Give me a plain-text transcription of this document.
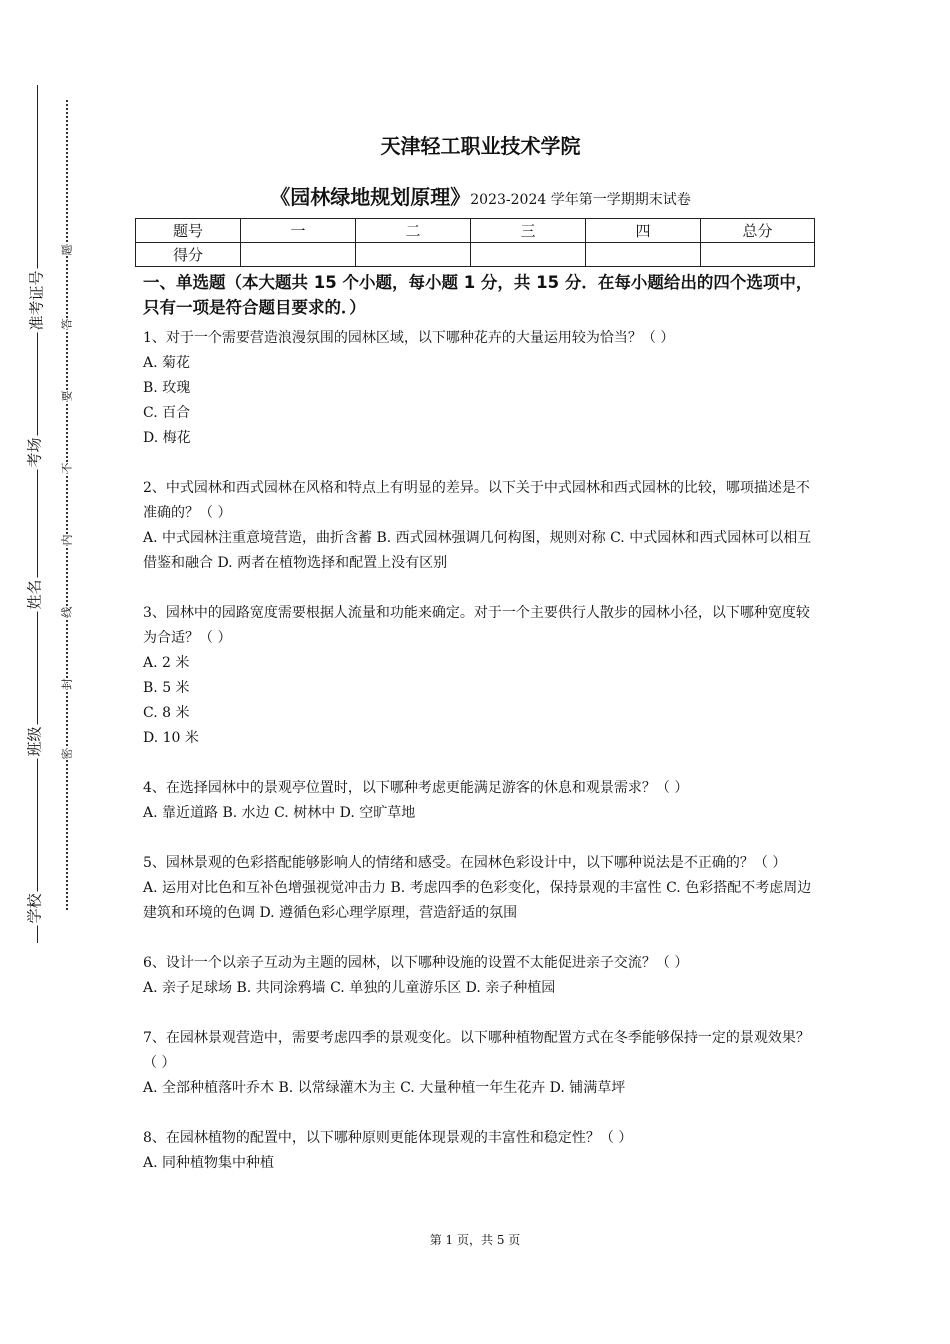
准考证号
考场
姓名
班级
学校
题
答
要
不
内
线
封
密
天津轻工职业技术学院
《园林绿地规划原理》2023-2024 学年第一学期期末试卷
题号	一	二	三	四	总分
得分					
一、单选题（本大题共 15 个小题，每小题 1 分，共 15 分．在每小题给出的四个选项中，只有一项是符合题目要求的．）

1、对于一个需要营造浪漫氛围的园林区域，以下哪种花卉的大量运用较为恰当？（ ）

A. 菊花

B. 玫瑰

C. 百合

D. 梅花

2、中式园林和西式园林在风格和特点上有明显的差异。以下关于中式园林和西式园林的比较，哪项描述是不准确的？（ ）

A. 中式园林注重意境营造，曲折含蓄 B. 西式园林强调几何构图，规则对称 C. 中式园林和西式园林可以相互借鉴和融合 D. 两者在植物选择和配置上没有区别

3、园林中的园路宽度需要根据人流量和功能来确定。对于一个主要供行人散步的园林小径，以下哪种宽度较为合适？（ ）

A. 2 米

B. 5 米

C. 8 米

D. 10 米

4、在选择园林中的景观亭位置时，以下哪种考虑更能满足游客的休息和观景需求？（ ）

A. 靠近道路 B. 水边 C. 树林中 D. 空旷草地

5、园林景观的色彩搭配能够影响人的情绪和感受。在园林色彩设计中，以下哪种说法是不正确的？（ ）

A. 运用对比色和互补色增强视觉冲击力 B. 考虑四季的色彩变化，保持景观的丰富性 C. 色彩搭配不考虑周边建筑和环境的色调 D. 遵循色彩心理学原理，营造舒适的氛围

6、设计一个以亲子互动为主题的园林，以下哪种设施的设置不太能促进亲子交流？（ ）

A. 亲子足球场 B. 共同涂鸦墙 C. 单独的儿童游乐区 D. 亲子种植园

7、在园林景观营造中，需要考虑四季的景观变化。以下哪种植物配置方式在冬季能够保持一定的景观效果？（ ）

A. 全部种植落叶乔木 B. 以常绿灌木为主 C. 大量种植一年生花卉 D. 铺满草坪

8、在园林植物的配置中，以下哪种原则更能体现景观的丰富性和稳定性？（ ）

A. 同种植物集中种植

第 1 页，共 5 页
